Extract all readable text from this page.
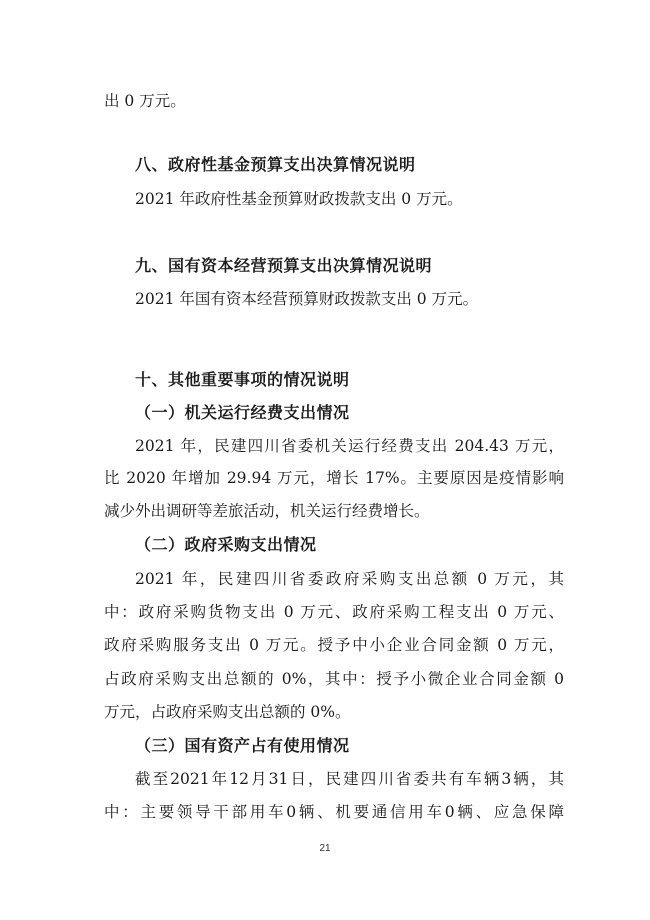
出 0 万元。
八、政府性基金预算支出决算情况说明
2021 年政府性基金预算财政拨款支出 0 万元。
九、国有资本经营预算支出决算情况说明
2021 年国有资本经营预算财政拨款支出 0 万元。
十、其他重要事项的情况说明
（一）机关运行经费支出情况
2021 年，民建四川省委机关运行经费支出 204.43 万元，
比 2020 年增加 29.94 万元，增长 17%。主要原因是疫情影响
减少外出调研等差旅活动，机关运行经费增长。
（二）政府采购支出情况
2021 年，民建四川省委政府采购支出总额 0 万元，其
中：政府采购货物支出 0 万元、政府采购工程支出 0 万元、
政府采购服务支出 0 万元。授予中小企业合同金额 0 万元，
占政府采购支出总额的 0%，其中：授予小微企业合同金额 0
万元，占政府采购支出总额的 0%。
（三）国有资产占有使用情况
截至2021年12月31日，民建四川省委共有车辆3辆，其
中：主要领导干部用车0辆、机要通信用车0辆、应急保障
21
